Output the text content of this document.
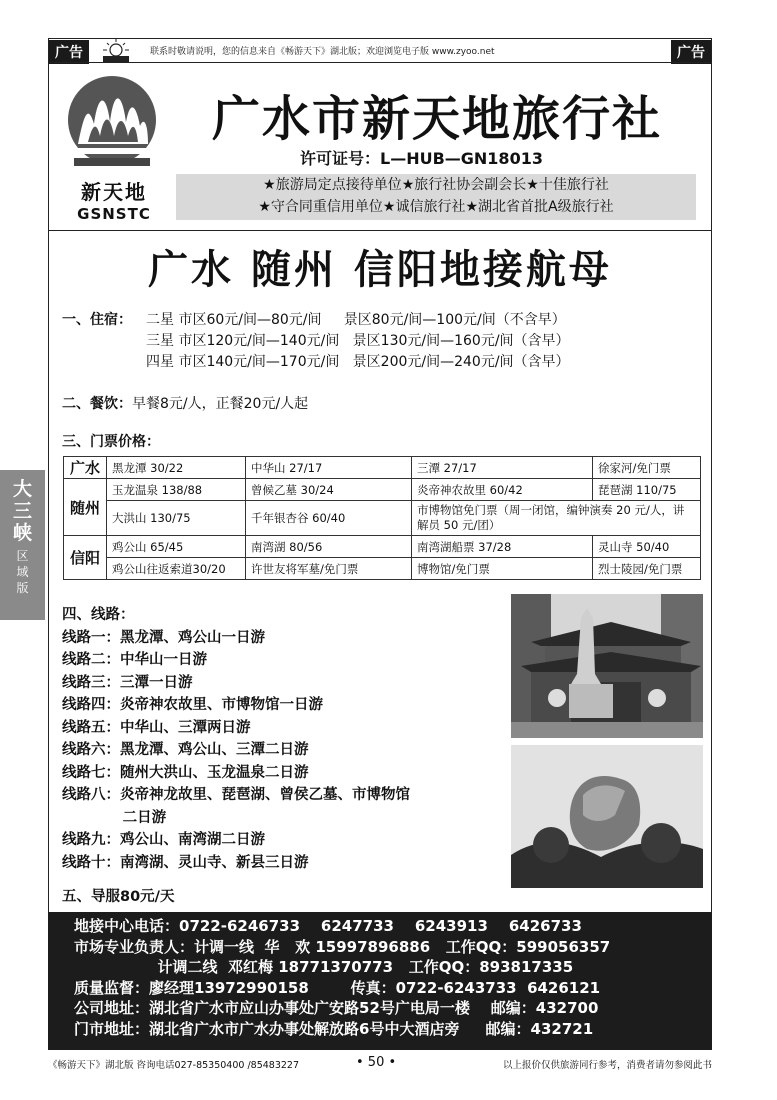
广告	联系时敬请说明，您的信息来自《畅游天下》湖北版；欢迎浏览电子版 www.zyoo.net	广告
新天地
GSNSTC
广水市新天地旅行社
许可证号：L—HUB—GN18013
★旅游局定点接待单位★旅行社协会副会长★十佳旅行社
★守合同重信用单位★诚信旅行社★湖北省首批A级旅行社
广水 随州 信阳地接航母
一、住宿： 二星 市区60元/间—80元/间     景区80元/间—100元/间（不含早）
三星 市区120元/间—140元/间   景区130元/间—160元/间（含早）
四星 市区140元/间—170元/间   景区200元/间—240元/间（含早）
二、餐饮：早餐8元/人，正餐20元/人起
三、门票价格：
广水	黑龙潭 30/22	中华山 27/17	三潭 27/17	徐家河/免门票
随州	玉龙温泉 138/88	曾候乙墓 30/24	炎帝神农故里 60/42	琵琶湖 110/75
	大洪山 130/75	千年银杏谷 60/40	市博物馆免门票（周一闭馆，编钟演奏 20 元/人，讲解员 50 元/团）	
信阳	鸡公山 65/45	南湾湖 80/56	南湾湖船票 37/28	灵山寺 50/40
	鸡公山往返索道30/20	许世友将军墓/免门票	博物馆/免门票	烈士陵园/免门票
四、线路：
线路一：黑龙潭、鸡公山一日游
线路二：中华山一日游
线路三：三潭一日游
线路四：炎帝神农故里、市博物馆一日游
线路五：中华山、三潭两日游
线路六：黑龙潭、鸡公山、三潭二日游
线路七：随州大洪山、玉龙温泉二日游
线路八：炎帝神龙故里、琵琶湖、曾侯乙墓、市博物馆
二日游
线路九：鸡公山、南湾湖二日游
线路十：南湾湖、灵山寺、新县三日游
五、导服80元/天
大三峡
区域版
地接中心电话：0722-6246733    6247733    6243913    6426733
市场专业负责人：计调一线  华   欢 15997896886   工作QQ：599056357
计调二线  邓红梅 18771370773   工作QQ：893817335
质量监督：廖经理13972990158        传真：0722-6243733  6426121
公司地址：湖北省广水市应山办事处广安路52号广电局一楼    邮编：432700
门市地址：湖北省广水市广水办事处解放路6号中大酒店旁     邮编：432721
《畅游天下》湖北版 咨询电话027-85350400 /85483227	• 50 •	以上报价仅供旅游同行参考，消费者请勿参阅此书
